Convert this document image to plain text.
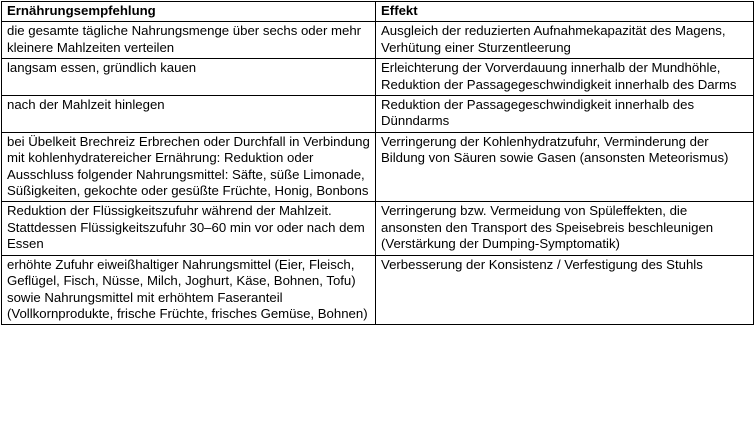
Ernährungsempfehlung	Effekt
die gesamte tägliche Nahrungsmenge über sechs oder mehr kleinere Mahlzeiten verteilen	Ausgleich der reduzierten Aufnahmekapazität des Magens, Verhütung einer Sturzentleerung
langsam essen, gründlich kauen	Erleichterung der Vorverdauung innerhalb der Mundhöhle, Reduktion der Passagegeschwindigkeit innerhalb des Darms
nach der Mahlzeit hinlegen	Reduktion der Passagegeschwindigkeit innerhalb des Dünndarms
bei Übelkeit Brechreiz Erbrechen oder Durchfall in Verbindung mit kohlenhydratereicher Ernährung: Reduktion oder Ausschluss folgender Nahrungsmittel: Säfte, süße Limonade, Süßigkeiten, gekochte oder gesüßte Früchte, Honig, Bonbons	Verringerung der Kohlenhydratzufuhr, Verminderung der Bildung von Säuren sowie Gasen (ansonsten Meteorismus)
Reduktion der Flüssigkeitszufuhr während der Mahlzeit. Stattdessen Flüssigkeitszufuhr 30–60 min vor oder nach dem Essen	Verringerung bzw. Vermeidung von Spüleffekten, die ansonsten den Transport des Speisebreis beschleunigen (Verstärkung der Dumping-Symptomatik)
erhöhte Zufuhr eiweißhaltiger Nahrungsmittel (Eier, Fleisch, Geflügel, Fisch, Nüsse, Milch, Joghurt, Käse, Bohnen, Tofu) sowie Nahrungsmittel mit erhöhtem Faseranteil (Vollkornprodukte, frische Früchte, frisches Gemüse, Bohnen)	Verbesserung der Konsistenz / Verfestigung des Stuhls
